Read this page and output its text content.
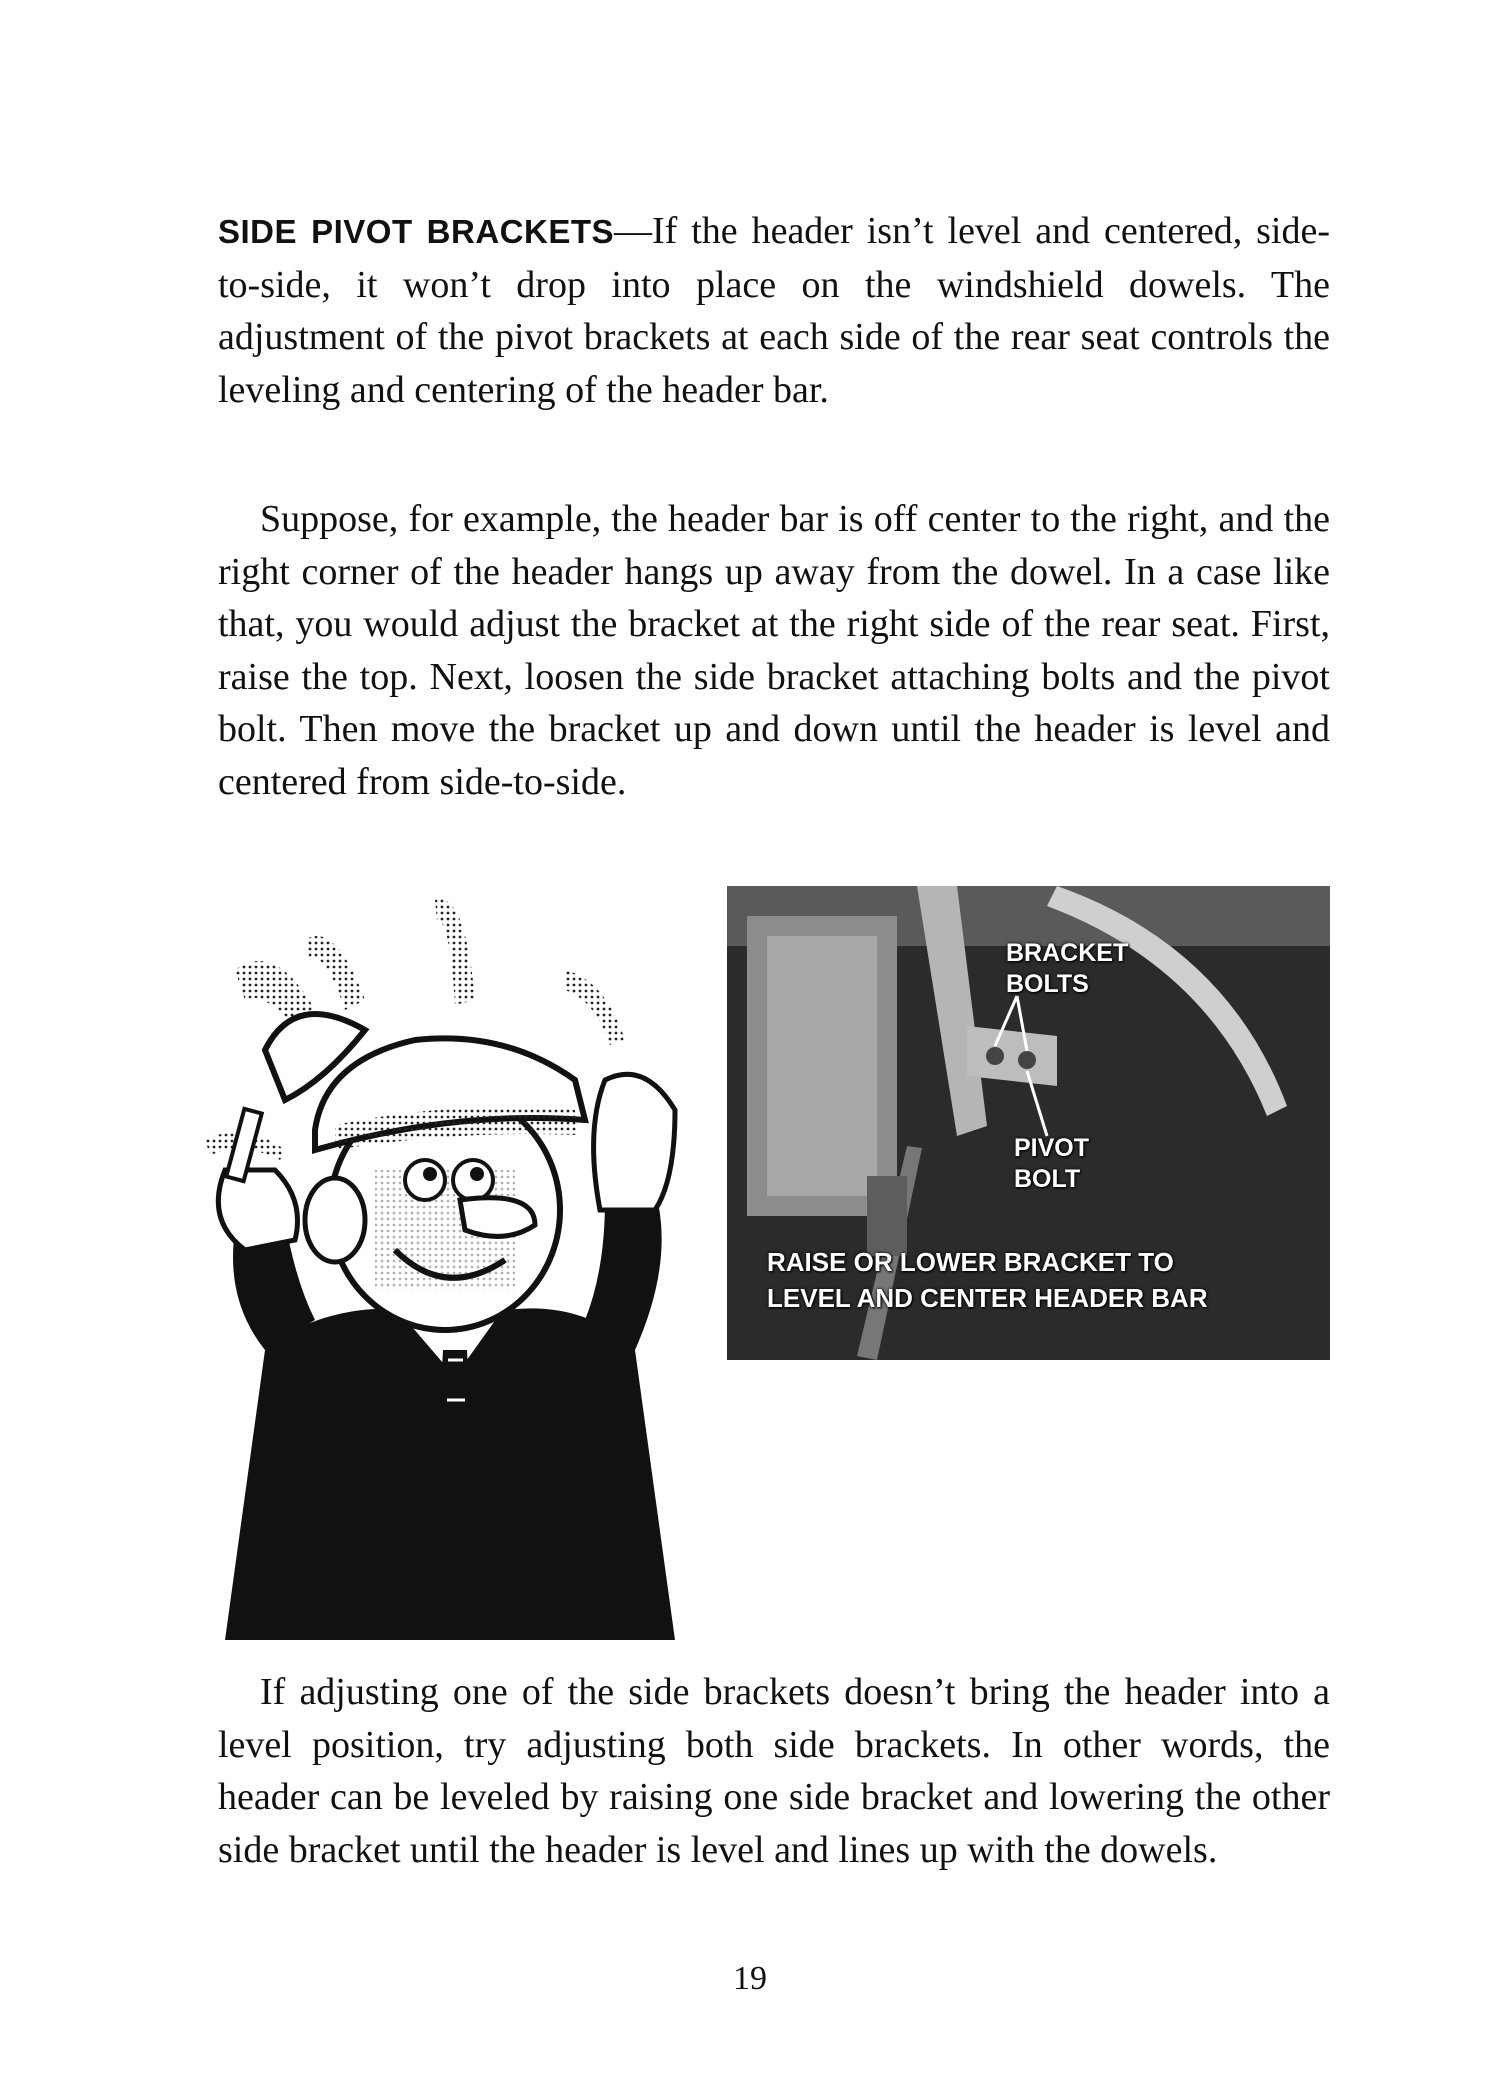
SIDE PIVOT BRACKETS—If the header isn’t level and centered, side-to-side, it won’t drop into place on the windshield dowels. The adjustment of the pivot brackets at each side of the rear seat controls the leveling and centering of the header bar.

Suppose, for example, the header bar is off center to the right, and the right corner of the header hangs up away from the dowel. In a case like that, you would adjust the bracket at the right side of the rear seat. First, raise the top. Next, loosen the side bracket attaching bolts and the pivot bolt. Then move the bracket up and down until the header is level and centered from side-to-side.

BRACKET
BOLTS

PIVOT
BOLT

RAISE OR LOWER BRACKET TO
LEVEL AND CENTER HEADER BAR

If adjusting one of the side brackets doesn’t bring the header into a level position, try adjusting both side brackets. In other words, the header can be leveled by raising one side bracket and lowering the other side bracket until the header is level and lines up with the dowels.

19
